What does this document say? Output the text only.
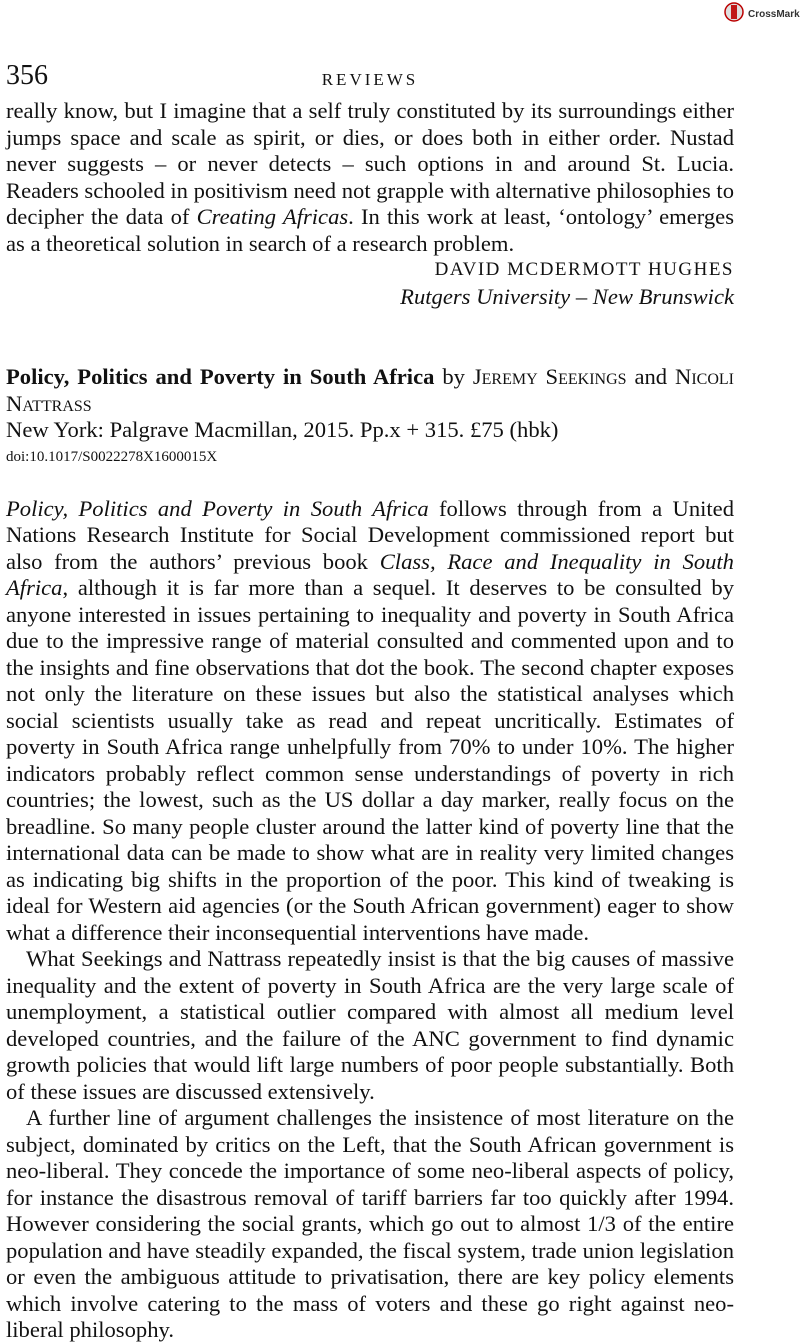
CrossMark
356	REVIEWS

really know, but I imagine that a self truly constituted by its surroundings either jumps space and scale as spirit, or dies, or does both in either order. Nustad never suggests – or never detects – such options in and around St. Lucia. Readers schooled in positivism need not grapple with alternative philosophies to decipher the data of Creating Africas. In this work at least, ‘ontology’ emerges as a theoretical solution in search of a research problem.

DAVID MCDERMOTT HUGHES
Rutgers University – New Brunswick
Policy, Politics and Poverty in South Africa by Jeremy Seekings and Nicoli Nattrass
New York: Palgrave Macmillan, 2015. Pp.x + 315. £75 (hbk)
doi:10.1017/S0022278X1600015X

Policy, Politics and Poverty in South Africa follows through from a United Nations Research Institute for Social Development commissioned report but also from the authors’ previous book Class, Race and Inequality in South Africa, although it is far more than a sequel. It deserves to be consulted by anyone interested in issues pertaining to inequality and poverty in South Africa due to the impressive range of material consulted and commented upon and to the insights and fine observations that dot the book. The second chapter exposes not only the literature on these issues but also the statistical analyses which social scientists usually take as read and repeat uncritically. Estimates of poverty in South Africa range unhelpfully from 70% to under 10%. The higher indicators probably reflect common sense understandings of poverty in rich countries; the lowest, such as the US dollar a day marker, really focus on the breadline. So many people cluster around the latter kind of poverty line that the international data can be made to show what are in reality very limited changes as indicating big shifts in the proportion of the poor. This kind of tweaking is ideal for Western aid agencies (or the South African government) eager to show what a difference their inconsequential interventions have made.

What Seekings and Nattrass repeatedly insist is that the big causes of massive inequality and the extent of poverty in South Africa are the very large scale of unemployment, a statistical outlier compared with almost all medium level developed countries, and the failure of the ANC government to find dynamic growth policies that would lift large numbers of poor people substantially. Both of these issues are discussed extensively.

A further line of argument challenges the insistence of most literature on the subject, dominated by critics on the Left, that the South African government is neo-liberal. They concede the importance of some neo-liberal aspects of policy, for instance the disastrous removal of tariff barriers far too quickly after 1994. However considering the social grants, which go out to almost 1/3 of the entire population and have steadily expanded, the fiscal system, trade union legislation or even the ambiguous attitude to privatisation, there are key policy elements which involve catering to the mass of voters and these go right against neo-liberal philosophy.
